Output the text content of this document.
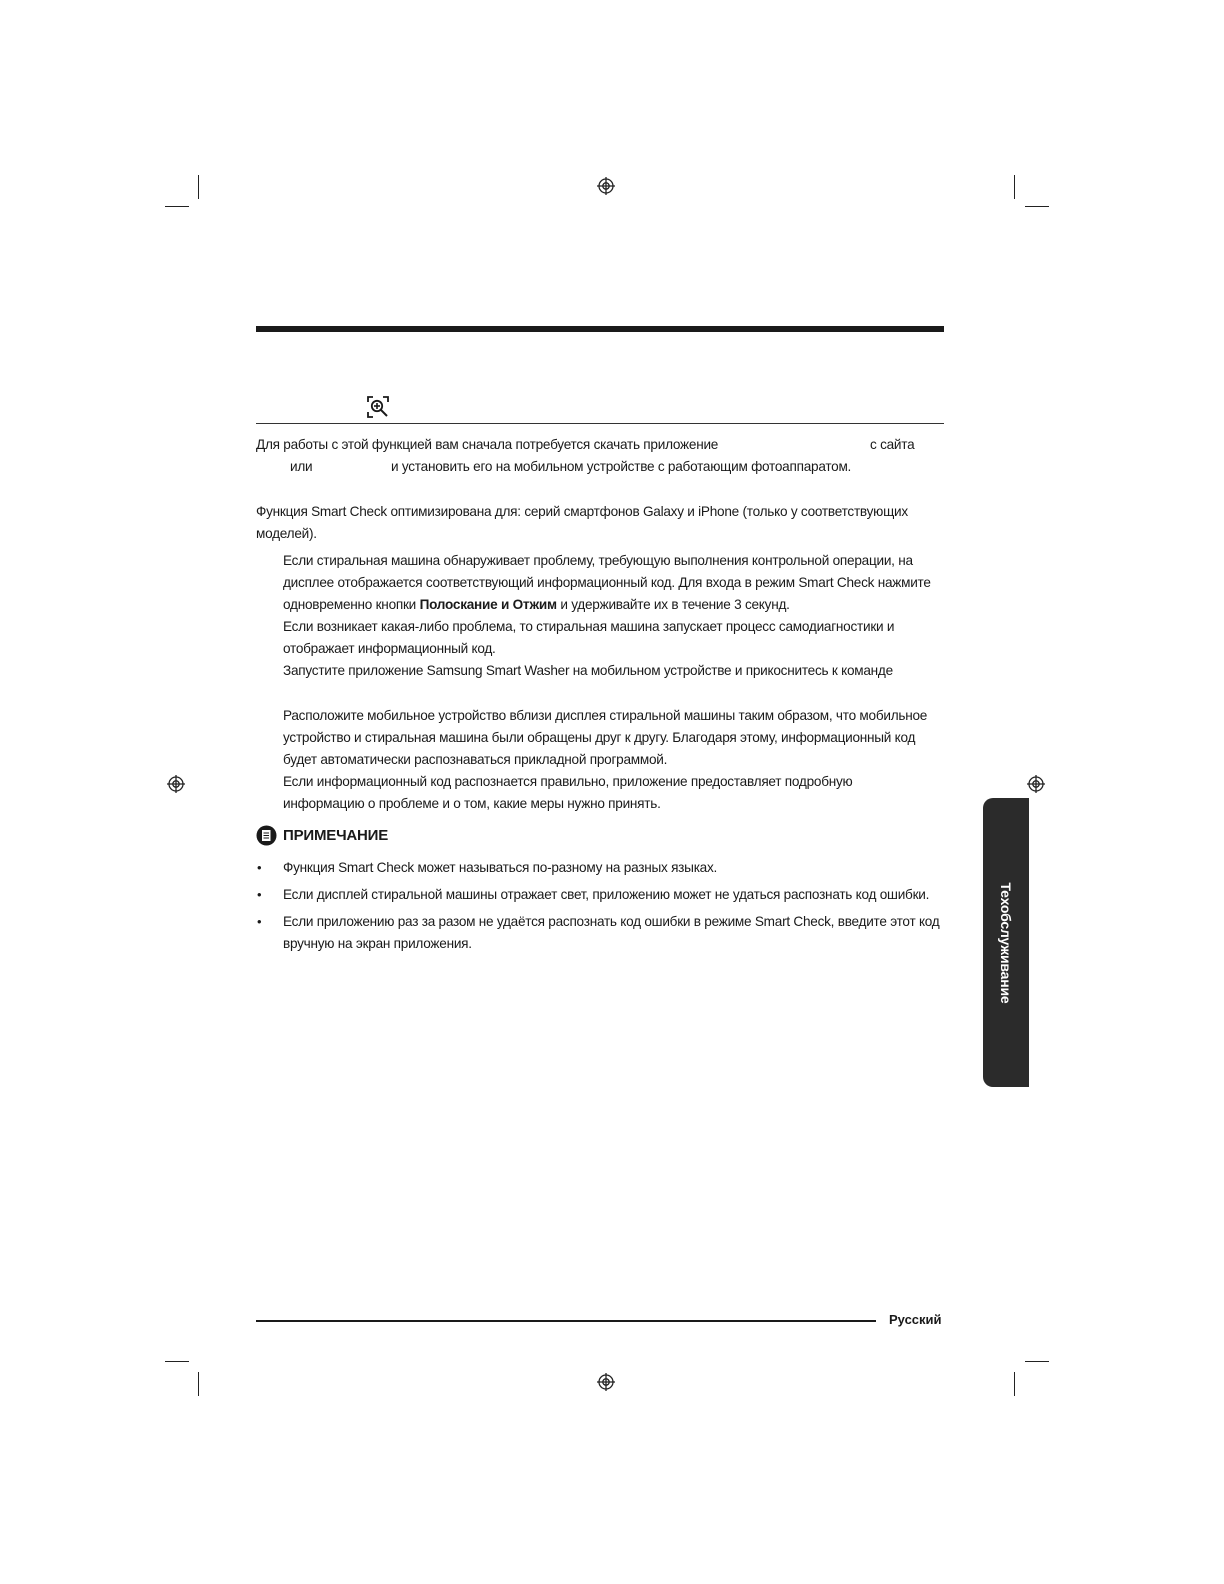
Для работы с этой функцией вам сначала потребуется скачать приложение	с сайта
или	и установить его на мобильном устройстве с работающим фотоаппаратом.
Функция Smart Check оптимизирована для: серий смартфонов Galaxy и iPhone (только у соответствующих
моделей).
Если стиральная машина обнаруживает проблему, требующую выполнения контрольной операции, на
дисплее отображается соответствующий информационный код. Для входа в режим Smart Check нажмите
одновременно кнопки Полоскание и Отжим и удерживайте их в течение 3 секунд.
Если возникает какая-либо проблема, то стиральная машина запускает процесс самодиагностики и
отображает информационный код.
Запустите приложение Samsung Smart Washer на мобильном устройстве и прикоснитесь к команде
Расположите мобильное устройство вблизи дисплея стиральной машины таким образом, что мобильное
устройство и стиральная машина были обращены друг к другу. Благодаря этому, информационный код
будет автоматически распознаваться прикладной программой.
Если информационный код распознается правильно, приложение предоставляет подробную
информацию о проблеме и о том, какие меры нужно принять.
ПРИМЕЧАНИЕ
• Функция Smart Check может называться по-разному на разных языках.
• Если дисплей стиральной машины отражает свет, приложению может не удаться распознать код ошибки.
• Если приложению раз за разом не удаётся распознать код ошибки в режиме Smart Check, введите этот код
вручную на экран приложения.	Техобслуживание
Русский
